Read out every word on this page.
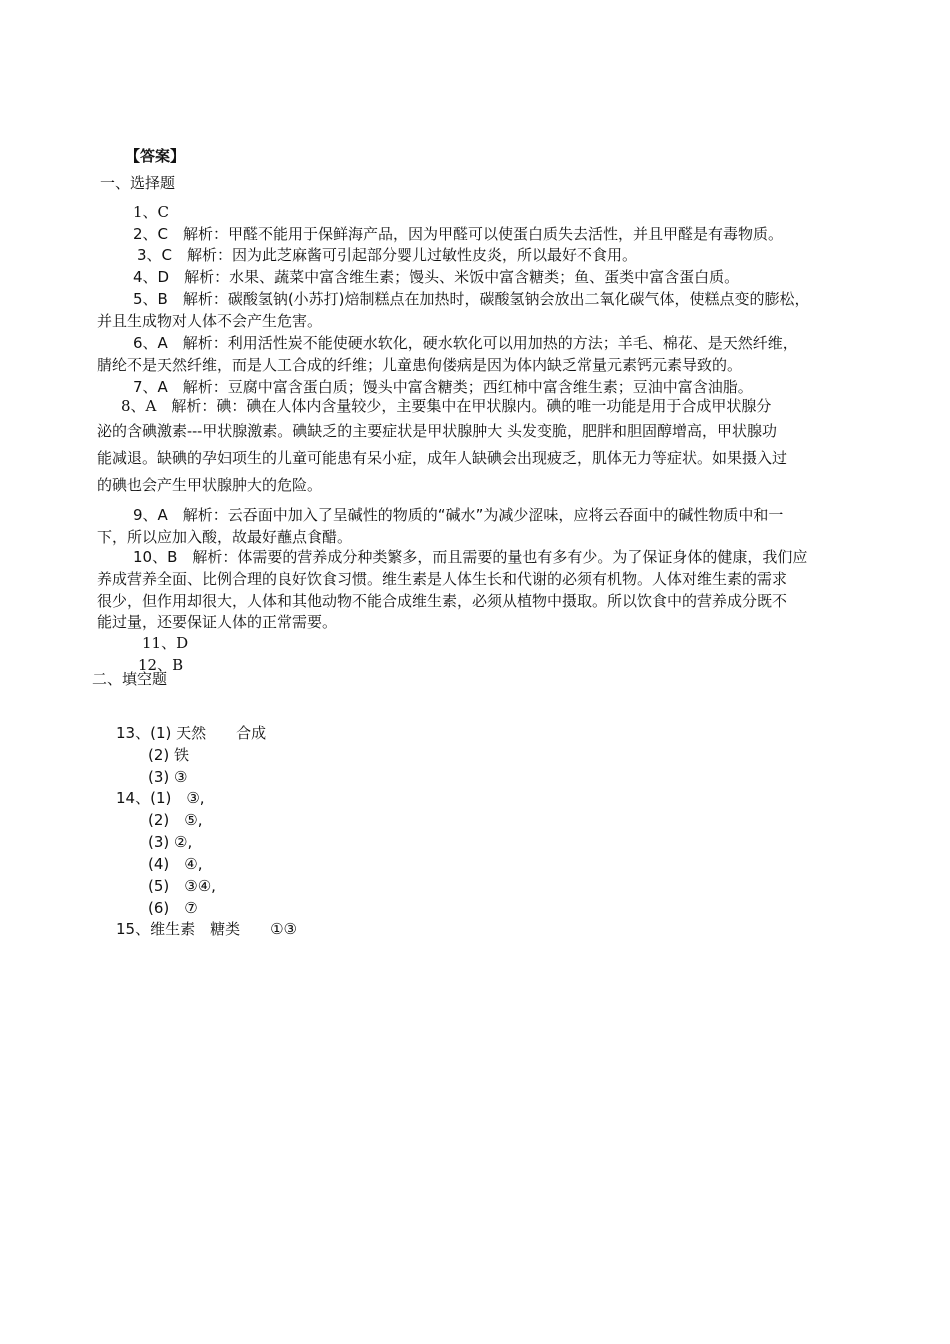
【答案】
一、选择题
1、C
2、C　解析：甲醛不能用于保鲜海产品，因为甲醛可以使蛋白质失去活性，并且甲醛是有毒物质。
3、C　解析：因为此芝麻酱可引起部分婴儿过敏性皮炎，所以最好不食用。
4、D　解析：水果、蔬菜中富含维生素；馒头、米饭中富含糖类；鱼、蛋类中富含蛋白质。
5、B　解析：碳酸氢钠(小苏打)焙制糕点在加热时，碳酸氢钠会放出二氧化碳气体，使糕点变的膨松，
并且生成物对人体不会产生危害。
6、A　解析：利用活性炭不能使硬水软化，硬水软化可以用加热的方法；羊毛、棉花、是天然纤维，
腈纶不是天然纤维，而是人工合成的纤维；儿童患佝偻病是因为体内缺乏常量元素钙元素导致的。
7、A　解析：豆腐中富含蛋白质；馒头中富含糖类；西红柿中富含维生素；豆油中富含油脂。
8、A　解析：碘：碘在人体内含量较少，主要集中在甲状腺内。碘的唯一功能是用于合成甲状腺分
泌的含碘激素---甲状腺激素。碘缺乏的主要症状是甲状腺肿大 头发变脆，肥胖和胆固醇增高，甲状腺功
能减退。缺碘的孕妇项生的儿童可能患有呆小症，成年人缺碘会出现疲乏，肌体无力等症状。如果摄入过
的碘也会产生甲状腺肿大的危险。
9、A　解析：云吞面中加入了呈碱性的物质的“碱水”为减少涩味，应将云吞面中的碱性物质中和一
下，所以应加入酸，故最好蘸点食醋。
10、B　解析：体需要的营养成分种类繁多，而且需要的量也有多有少。为了保证身体的健康，我们应
养成营养全面、比例合理的良好饮食习惯。维生素是人体生长和代谢的必须有机物。人体对维生素的需求
很少，但作用却很大，人体和其他动物不能合成维生素，必须从植物中摄取。所以饮食中的营养成分既不
能过量，还要保证人体的正常需要。
11、D
12、B
二、填空题
13、(1) 天然　　合成
(2) 铁
(3) ③
14、(1)　③,
(2)　⑤,
(3) ②,
(4)　④,
(5)　③④,
(6)　⑦
15、维生素　糖类　　①③
